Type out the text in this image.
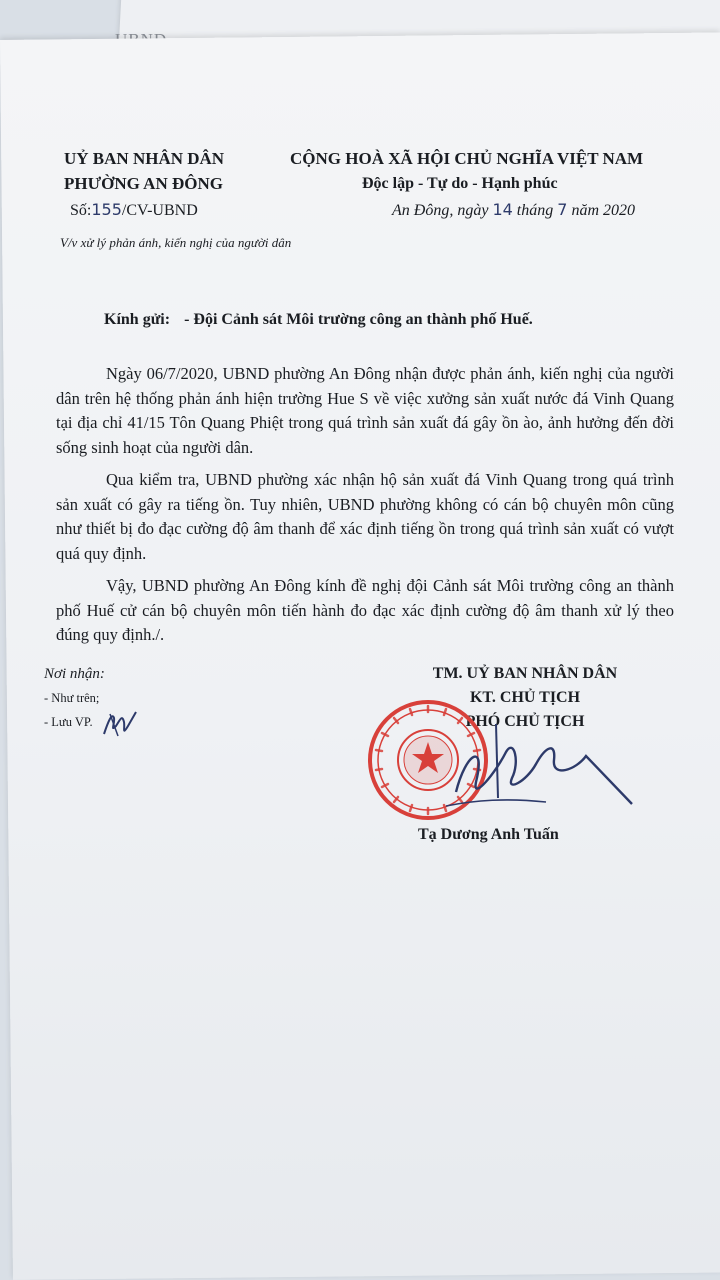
UỶ BAN NHÂN DÂN
PHƯỜNG AN ĐÔNG
Số:155/CV-UBND
CỘNG HOÀ XÃ HỘI CHỦ NGHĨA VIỆT NAM
Độc lập - Tự do - Hạnh phúc
An Đông, ngày 14 tháng 7 năm 2020
V/v xử lý phản ánh, kiến nghị của người dân
Kính gửi: - Đội Cảnh sát Môi trường công an thành phố Huế.

Ngày 06/7/2020, UBND phường An Đông nhận được phản ánh, kiến nghị của người dân trên hệ thống phản ánh hiện trường Hue S về việc xưởng sản xuất nước đá Vinh Quang tại địa chỉ 41/15 Tôn Quang Phiệt trong quá trình sản xuất đá gây ồn ào, ảnh hưởng đến đời sống sinh hoạt của người dân.

Qua kiểm tra, UBND phường xác nhận hộ sản xuất đá Vinh Quang trong quá trình sản xuất có gây ra tiếng ồn. Tuy nhiên, UBND phường không có cán bộ chuyên môn cũng như thiết bị đo đạc cường độ âm thanh để xác định tiếng ồn trong quá trình sản xuất có vượt quá quy định.

Vậy, UBND phường An Đông kính đề nghị đội Cảnh sát Môi trường công an thành phố Huế cử cán bộ chuyên môn tiến hành đo đạc xác định cường độ âm thanh xử lý theo đúng quy định./.

Nơi nhận:
- Như trên;
- Lưu VP.
TM. UỶ BAN NHÂN DÂN
KT. CHỦ TỊCH
PHÓ CHỦ TỊCH
Tạ Dương Anh Tuấn
